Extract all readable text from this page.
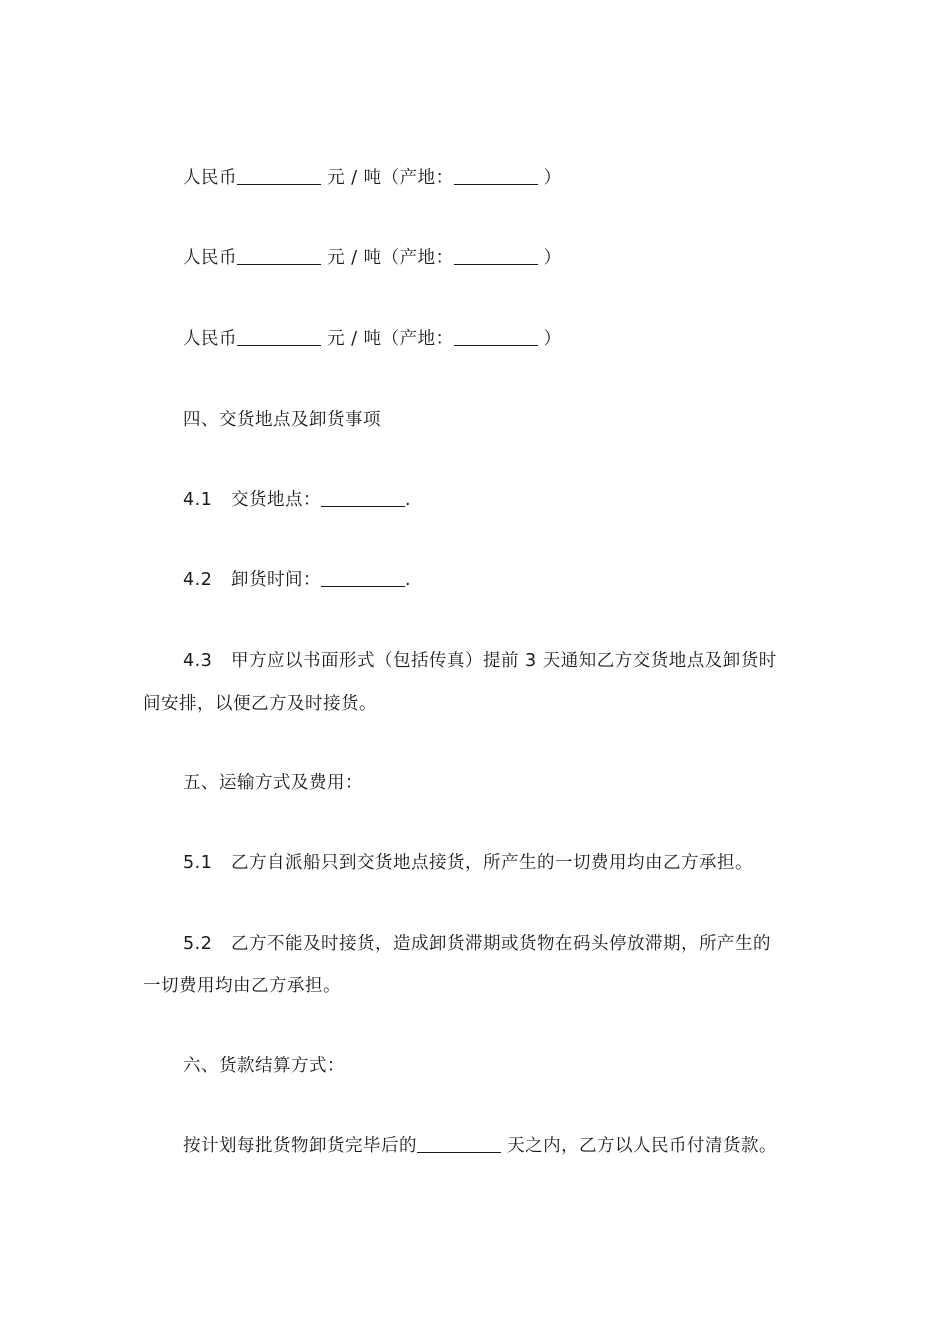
人民币	元 / 吨（产地：	）
人民币	元 / 吨（产地：	）
人民币	元 / 吨（产地：	）
四、交货地点及卸货事项
4.1 交货地点：	.
4.2 卸货时间：	.
4.3 甲方应以书面形式（包括传真）提前 3 天通知乙方交货地点及卸货时
间安排，以便乙方及时接货。
五、运输方式及费用：
5.1 乙方自派船只到交货地点接货，所产生的一切费用均由乙方承担。
5.2 乙方不能及时接货，造成卸货滞期或货物在码头停放滞期，所产生的
一切费用均由乙方承担。
六、货款结算方式：
按计划每批货物卸货完毕后的	天之内，乙方以人民币付清货款。
